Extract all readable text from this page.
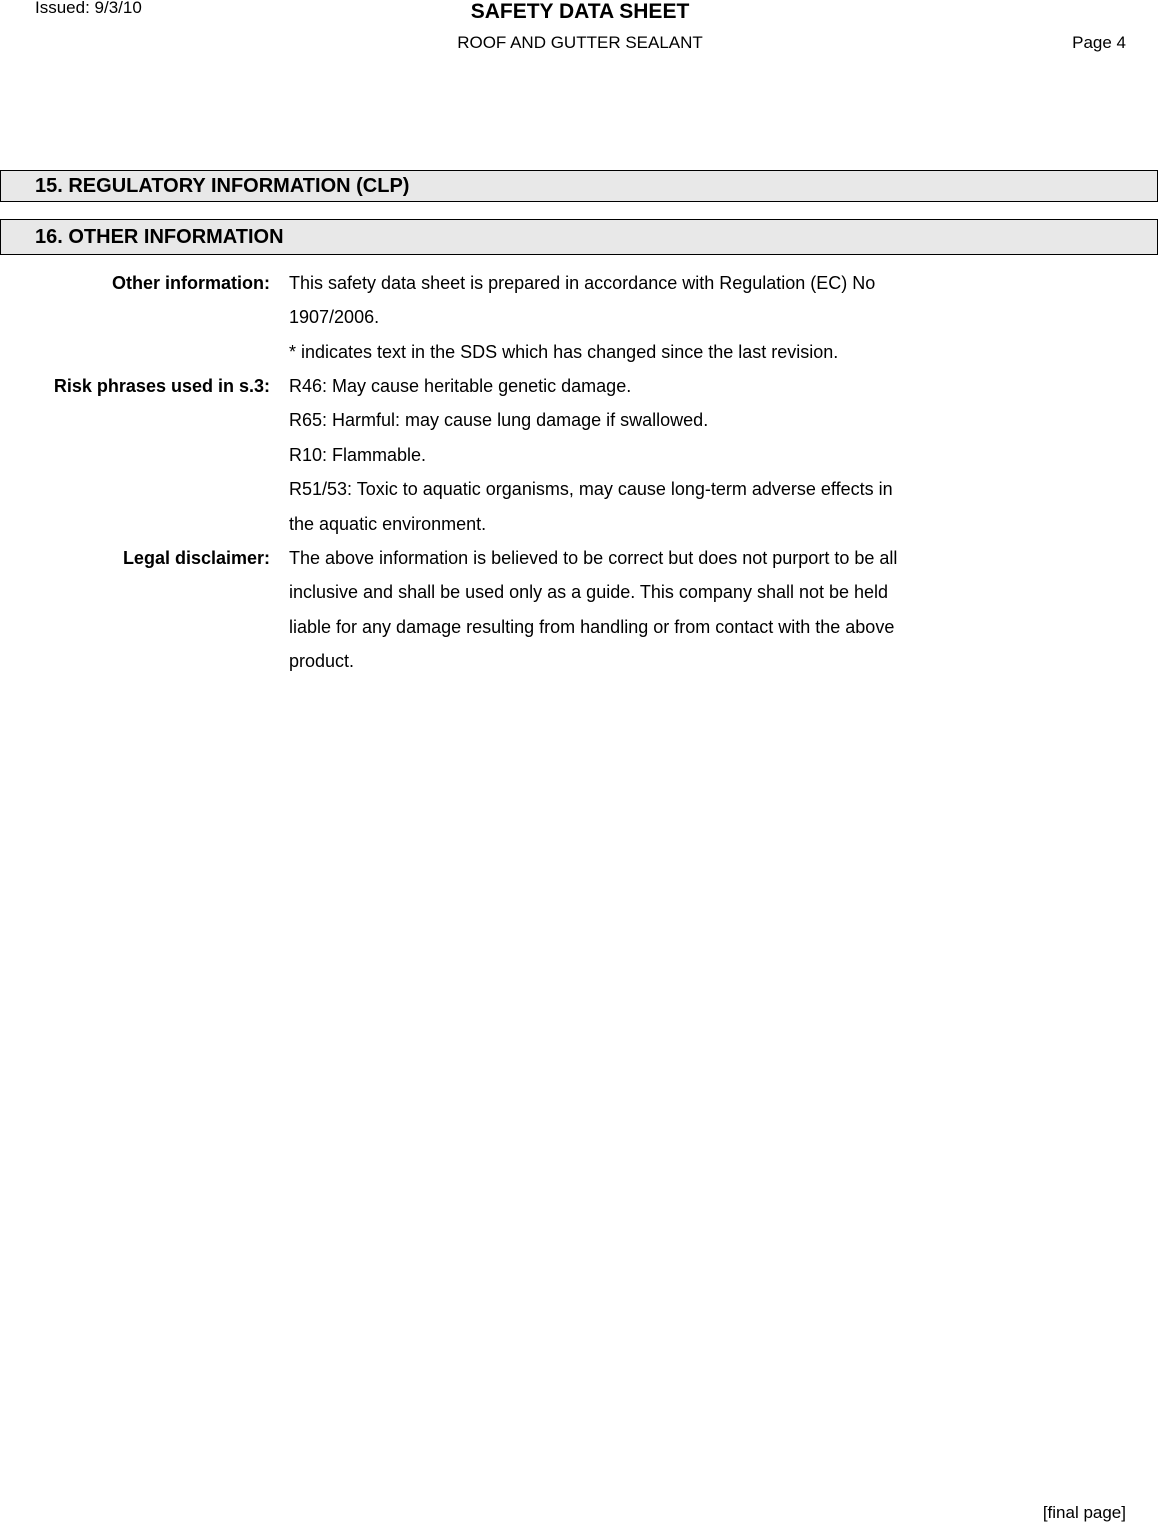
Issued: 9/3/10	SAFETY DATA SHEET
ROOF AND GUTTER SEALANT	Page 4
15. REGULATORY INFORMATION (CLP)
16. OTHER INFORMATION
Other information: This safety data sheet is prepared in accordance with Regulation (EC) No
1907/2006.
* indicates text in the SDS which has changed since the last revision.
Risk phrases used in s.3: R46: May cause heritable genetic damage.
R65: Harmful: may cause lung damage if swallowed.
R10: Flammable.
R51/53: Toxic to aquatic organisms, may cause long-term adverse effects in
the aquatic environment.
Legal disclaimer: The above information is believed to be correct but does not purport to be all
inclusive and shall be used only as a guide. This company shall not be held
liable for any damage resulting from handling or from contact with the above
product.
[final page]
